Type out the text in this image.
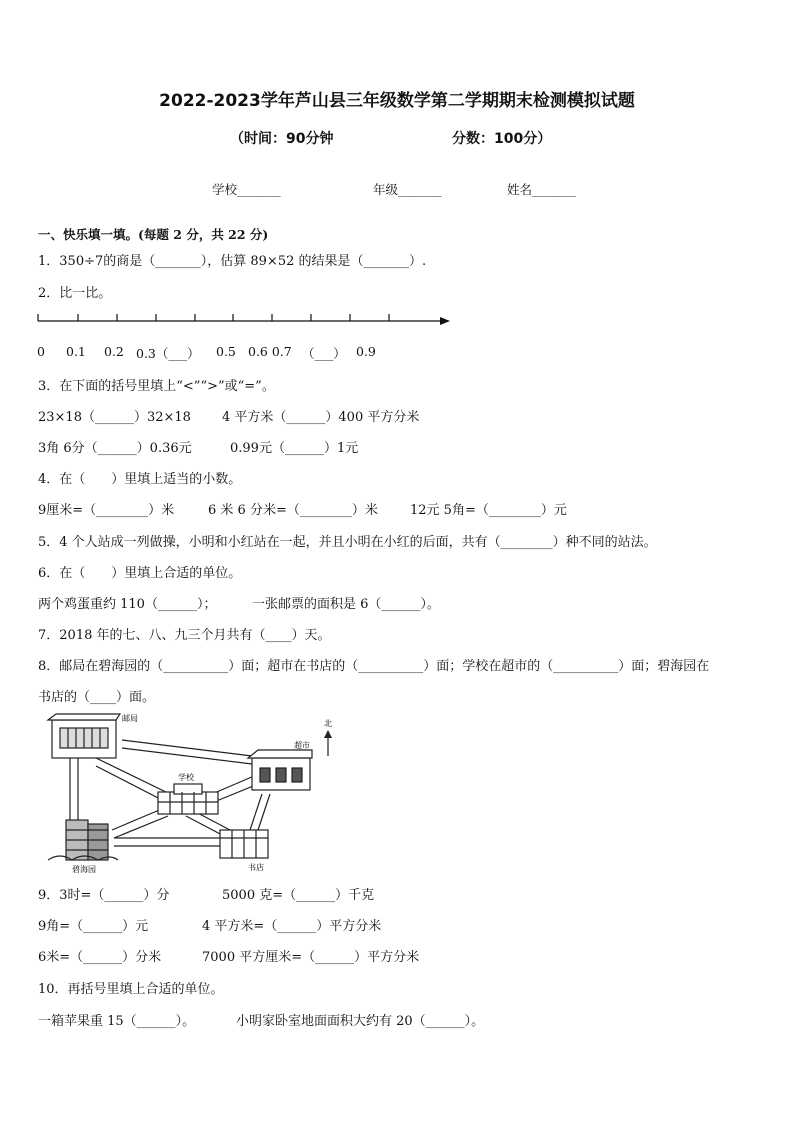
2022-2023学年芦山县三年级数学第二学期期末检测模拟试题
（时间：90分钟	分数：100分）
学校_______	年级_______	姓名_______
一、快乐填一填。(每题 2 分，共 22 分)
1．350÷7的商是（_______），估算 89×52 的结果是（_______）.
2．比一比。
0 0.1 0.2 0.3（___） 0.5 0.6 0.7 （___） 0.9
3．在下面的括号里填上“<”“>”或“=”。
23×18（______）32×18 4 平方米（______）400 平方分米
3角 6分（______）0.36元	0.99元（______）1元
4．在（　　）里填上适当的小数。
9厘米=（________）米	6 米 6 分米=（________）米 12元 5角=（________）元
5．4 个人站成一列做操，小明和小红站在一起，并且小明在小红的后面，共有（________）种不同的站法。
6．在（　　）里填上合适的单位。
两个鸡蛋重约 110（______）；	一张邮票的面积是 6（______）。
7．2018 年的七、八、九三个月共有（____）天。
8．邮局在碧海园的（__________）面；超市在书店的（__________）面；学校在超市的（__________）面；碧海园在
书店的（____）面。
北
邮局
超市
学校
碧海园	书店
9．3时=（______）分	5000 克=（______）千克
9角=（______）元	4 平方米=（______）平方分米
6米=（______）分米	7000 平方厘米=（______）平方分米
10．再括号里填上合适的单位。
一箱苹果重 15（______）。	小明家卧室地面面积大约有 20（______）。
